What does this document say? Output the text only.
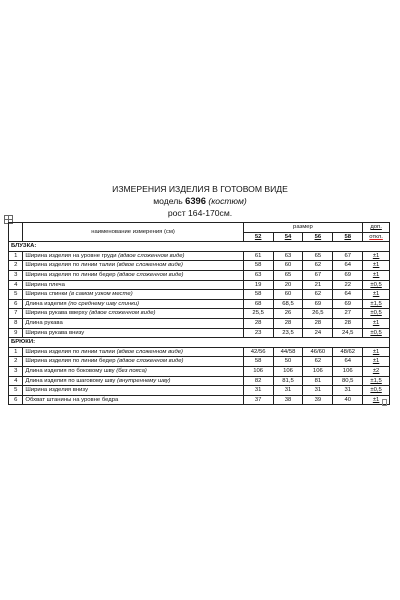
ИЗМЕРЕНИЯ ИЗДЕЛИЯ В ГОТОВОМ ВИДЕ
модель 6396 (костюм)
рост 164-170см.
	наименование измерения (см)	размер				доп.
		52	54	56	58	откл.
БЛУЗКА:						
1	Ширина изделия на уровне груди (вдвое сложенном виде)	61	63	65	67	±1
2	Ширина изделия по линии талии (вдвое сложенном виде)	58	60	62	64	±1
3	Ширина изделия по линии бедер (вдвое сложенном виде)	63	65	67	69	±1
4	Ширина плеча	19	20	21	22	±0,5
5	Ширина спинки (в самом узком месте)	58	60	62	64	±1
6	Длина изделия (по среднему шву спинки)	68	68,5	69	69	±1,5
7	Ширина рукава вверху (вдвое сложенном виде)	25,5	26	26,5	27	±0,5
8	Длина рукава	28	28	28	28	±1
9	Ширина рукава внизу	23	23,5	24	24,5	±0,5
БРЮКИ:						
1	Ширина изделия по линии талии (вдвое сложенном виде)	42/56	44/58	46/60	48/62	±1
2	Ширина изделия по линии бедер (вдвое сложенном виде)	58	50	62	64	±1
3	Длина изделия по боковому шву (без пояса)	106	106	106	106	±2
4	Длина изделия по шаговому шву (внутреннему шву)	82	81,5	81	80,5	±1,5
5	Ширина изделия внизу	31	31	31	31	±0,5
6	Обхват штанины на уровне бедра	37	38	39	40	±1
